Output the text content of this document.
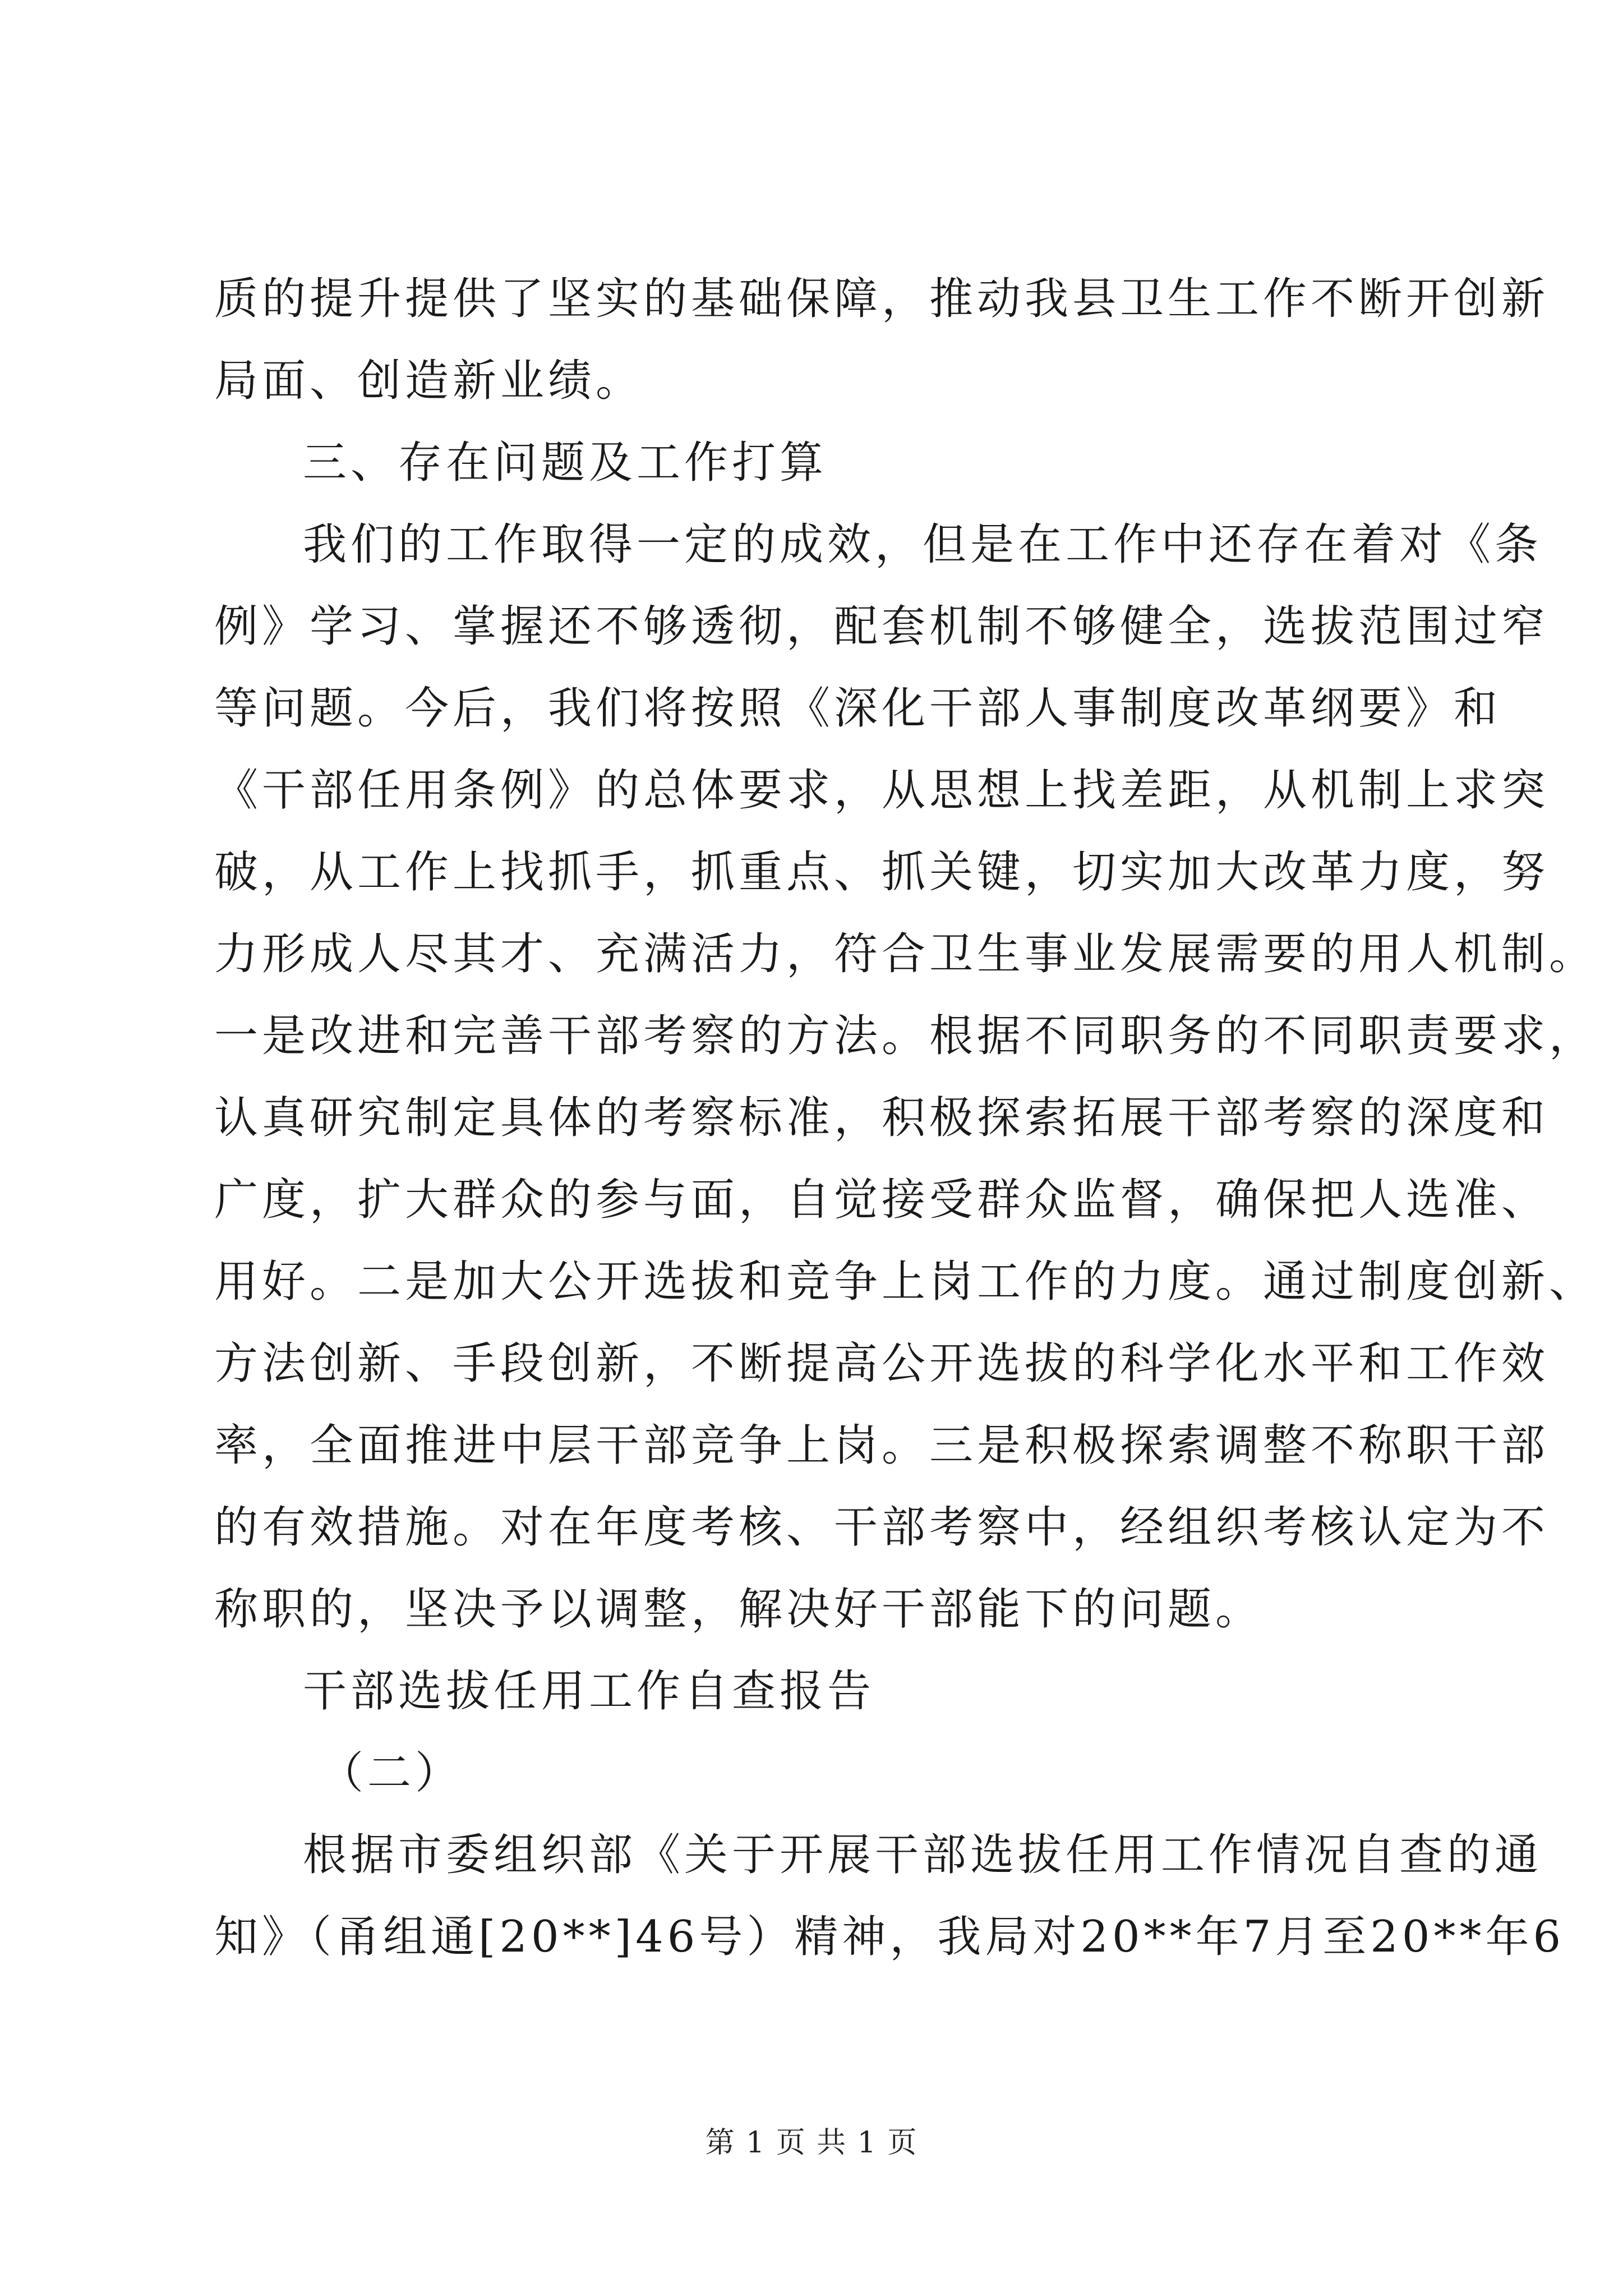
质的提升提供了坚实的基础保障，推动我县卫生工作不断开创新
局面、创造新业绩。
三、存在问题及工作打算
我们的工作取得一定的成效，但是在工作中还存在着对《条
例》学习、掌握还不够透彻，配套机制不够健全，选拔范围过窄
等问题。今后，我们将按照《深化干部人事制度改革纲要》和
《干部任用条例》的总体要求，从思想上找差距，从机制上求突
破，从工作上找抓手，抓重点、抓关键，切实加大改革力度，努
力形成人尽其才、充满活力，符合卫生事业发展需要的用人机制。
一是改进和完善干部考察的方法。根据不同职务的不同职责要求，
认真研究制定具体的考察标准，积极探索拓展干部考察的深度和
广度，扩大群众的参与面，自觉接受群众监督，确保把人选准、
用好。二是加大公开选拔和竞争上岗工作的力度。通过制度创新、
方法创新、手段创新，不断提高公开选拔的科学化水平和工作效
率，全面推进中层干部竞争上岗。三是积极探索调整不称职干部
的有效措施。对在年度考核、干部考察中，经组织考核认定为不
称职的，坚决予以调整，解决好干部能下的问题。
干部选拔任用工作自查报告
（二）
根据市委组织部《关于开展干部选拔任用工作情况自查的通
知》（甬组通[20**]46号）精神，我局对20**年7月至20**年6
第 1 页 共 1 页
